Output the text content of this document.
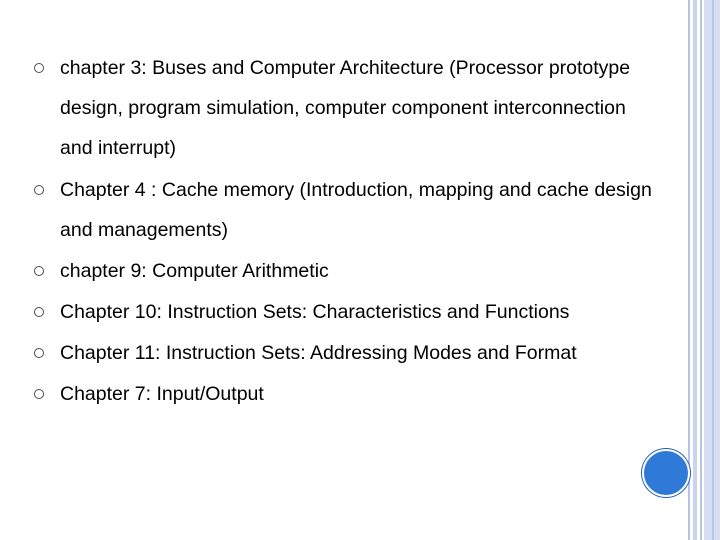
chapter 3: Buses and Computer Architecture (Processor prototype design, program simulation, computer component interconnection and interrupt)
Chapter 4 : Cache memory (Introduction, mapping and cache design and managements)
chapter 9: Computer Arithmetic
Chapter 10: Instruction Sets: Characteristics and Functions
Chapter 11: Instruction Sets: Addressing Modes and Format
Chapter 7: Input/Output
